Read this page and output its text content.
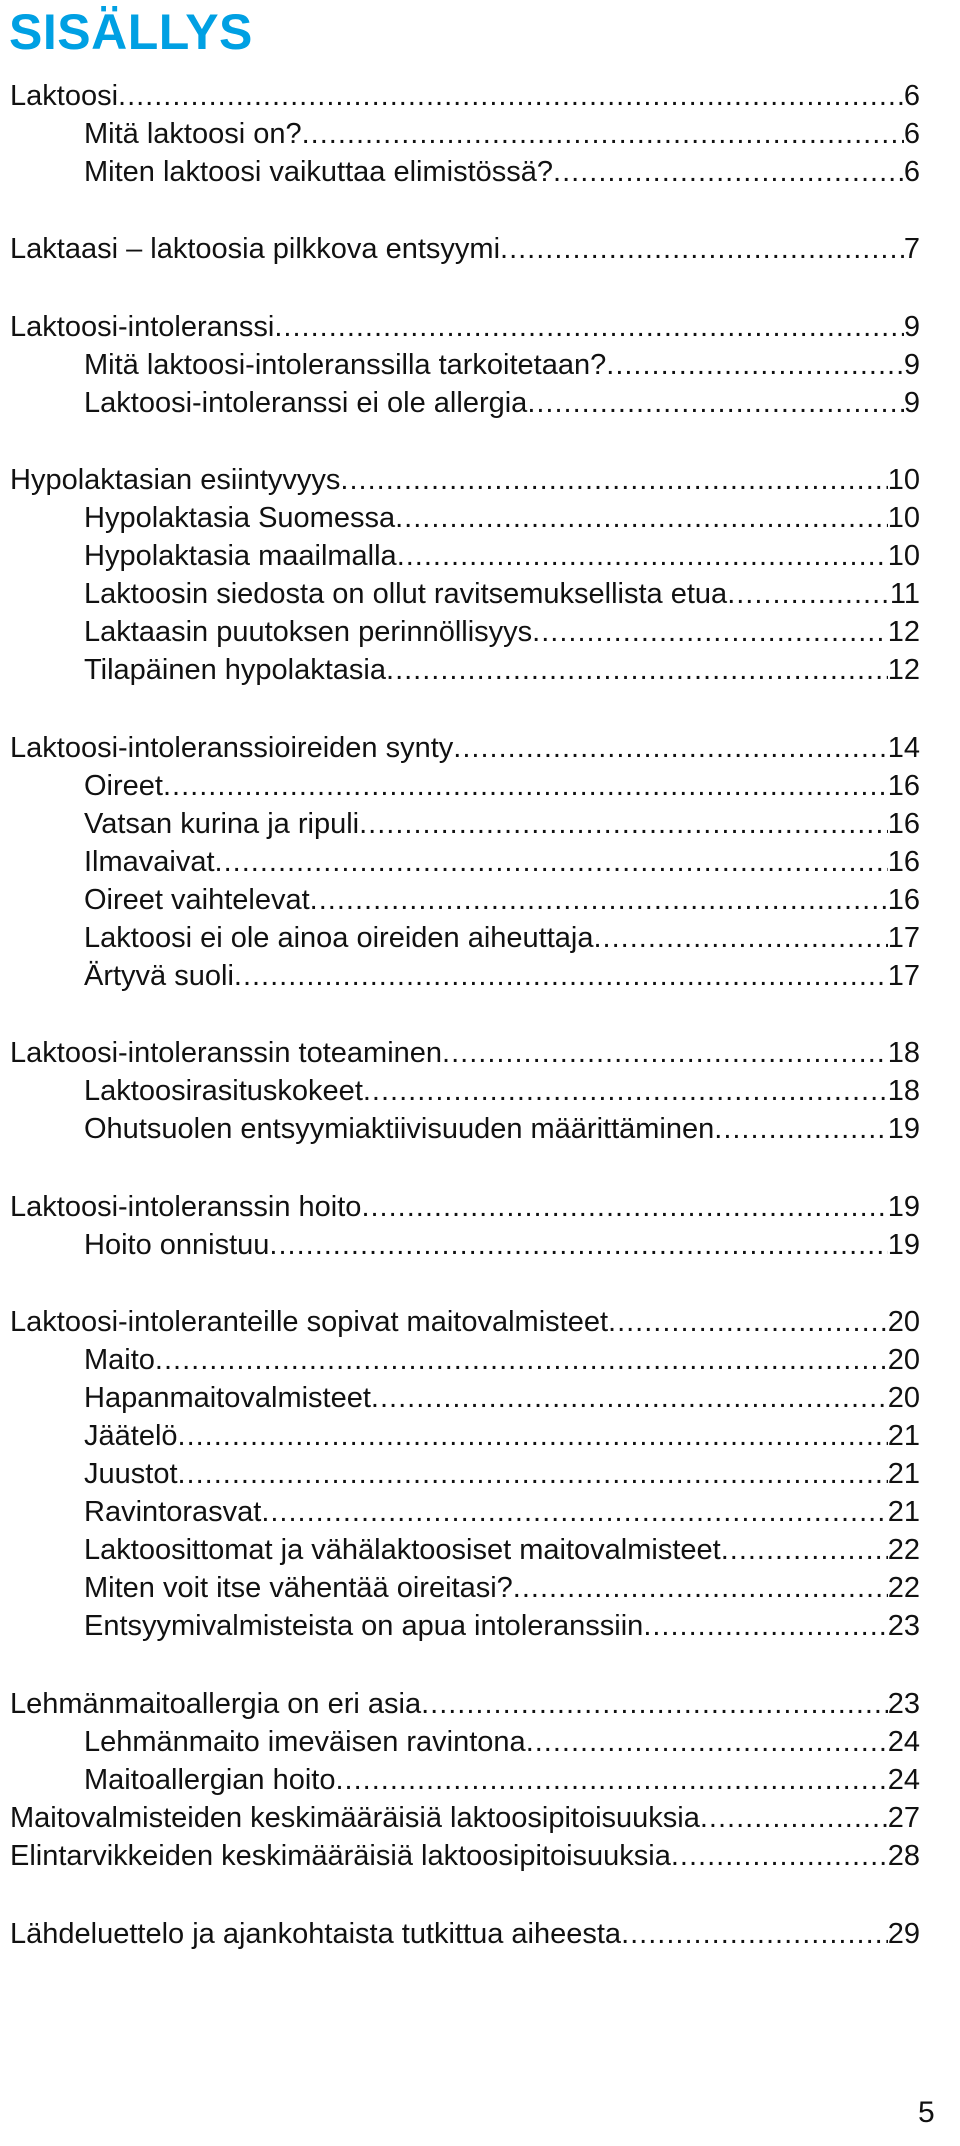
SISÄLLYS
Laktoosi .....	6
Mitä laktoosi on? .....	6
Miten laktoosi vaikuttaa elimistössä? .....	6
Laktaasi – laktoosia pilkkova entsyymi .....	7
Laktoosi-intoleranssi .....	9
Mitä laktoosi-intoleranssilla tarkoitetaan? .....	9
Laktoosi-intoleranssi ei ole allergia .....	9
Hypolaktasian esiintyvyys .....	10
Hypolaktasia Suomessa .....	10
Hypolaktasia maailmalla .....	10
Laktoosin siedosta on ollut ravitsemuksellista etua .....	11
Laktaasin puutoksen perinnöllisyys .....	12
Tilapäinen hypolaktasia .....	12
Laktoosi-intoleranssioireiden synty .....	14
Oireet .....	16
Vatsan kurina ja ripuli .....	16
Ilmavaivat .....	16
Oireet vaihtelevat .....	16
Laktoosi ei ole ainoa oireiden aiheuttaja .....	17
Ärtyvä suoli .....	17
Laktoosi-intoleranssin toteaminen .....	18
Laktoosirasituskokeet .....	18
Ohutsuolen entsyymiaktiivisuuden määrittäminen .....	19
Laktoosi-intoleranssin hoito .....	19
Hoito onnistuu .....	19
Laktoosi-intoleranteille sopivat maitovalmisteet .....	20
Maito .....	20
Hapanmaitovalmisteet .....	20
Jäätelö .....	21
Juustot .....	21
Ravintorasvat .....	21
Laktoosittomat ja vähälaktoosiset maitovalmisteet .....	22
Miten voit itse vähentää oireitasi? .....	22
Entsyymivalmisteista on apua intoleranssiin .....	23
Lehmänmaitoallergia on eri asia .....	23
Lehmänmaito imeväisen ravintona .....	24
Maitoallergian hoito .....	24
Maitovalmisteiden keskimääräisiä laktoosipitoisuuksia .....	27
Elintarvikkeiden keskimääräisiä laktoosipitoisuuksia .....	28
Lähdeluettelo ja ajankohtaista tutkittua aiheesta .....	29
5
